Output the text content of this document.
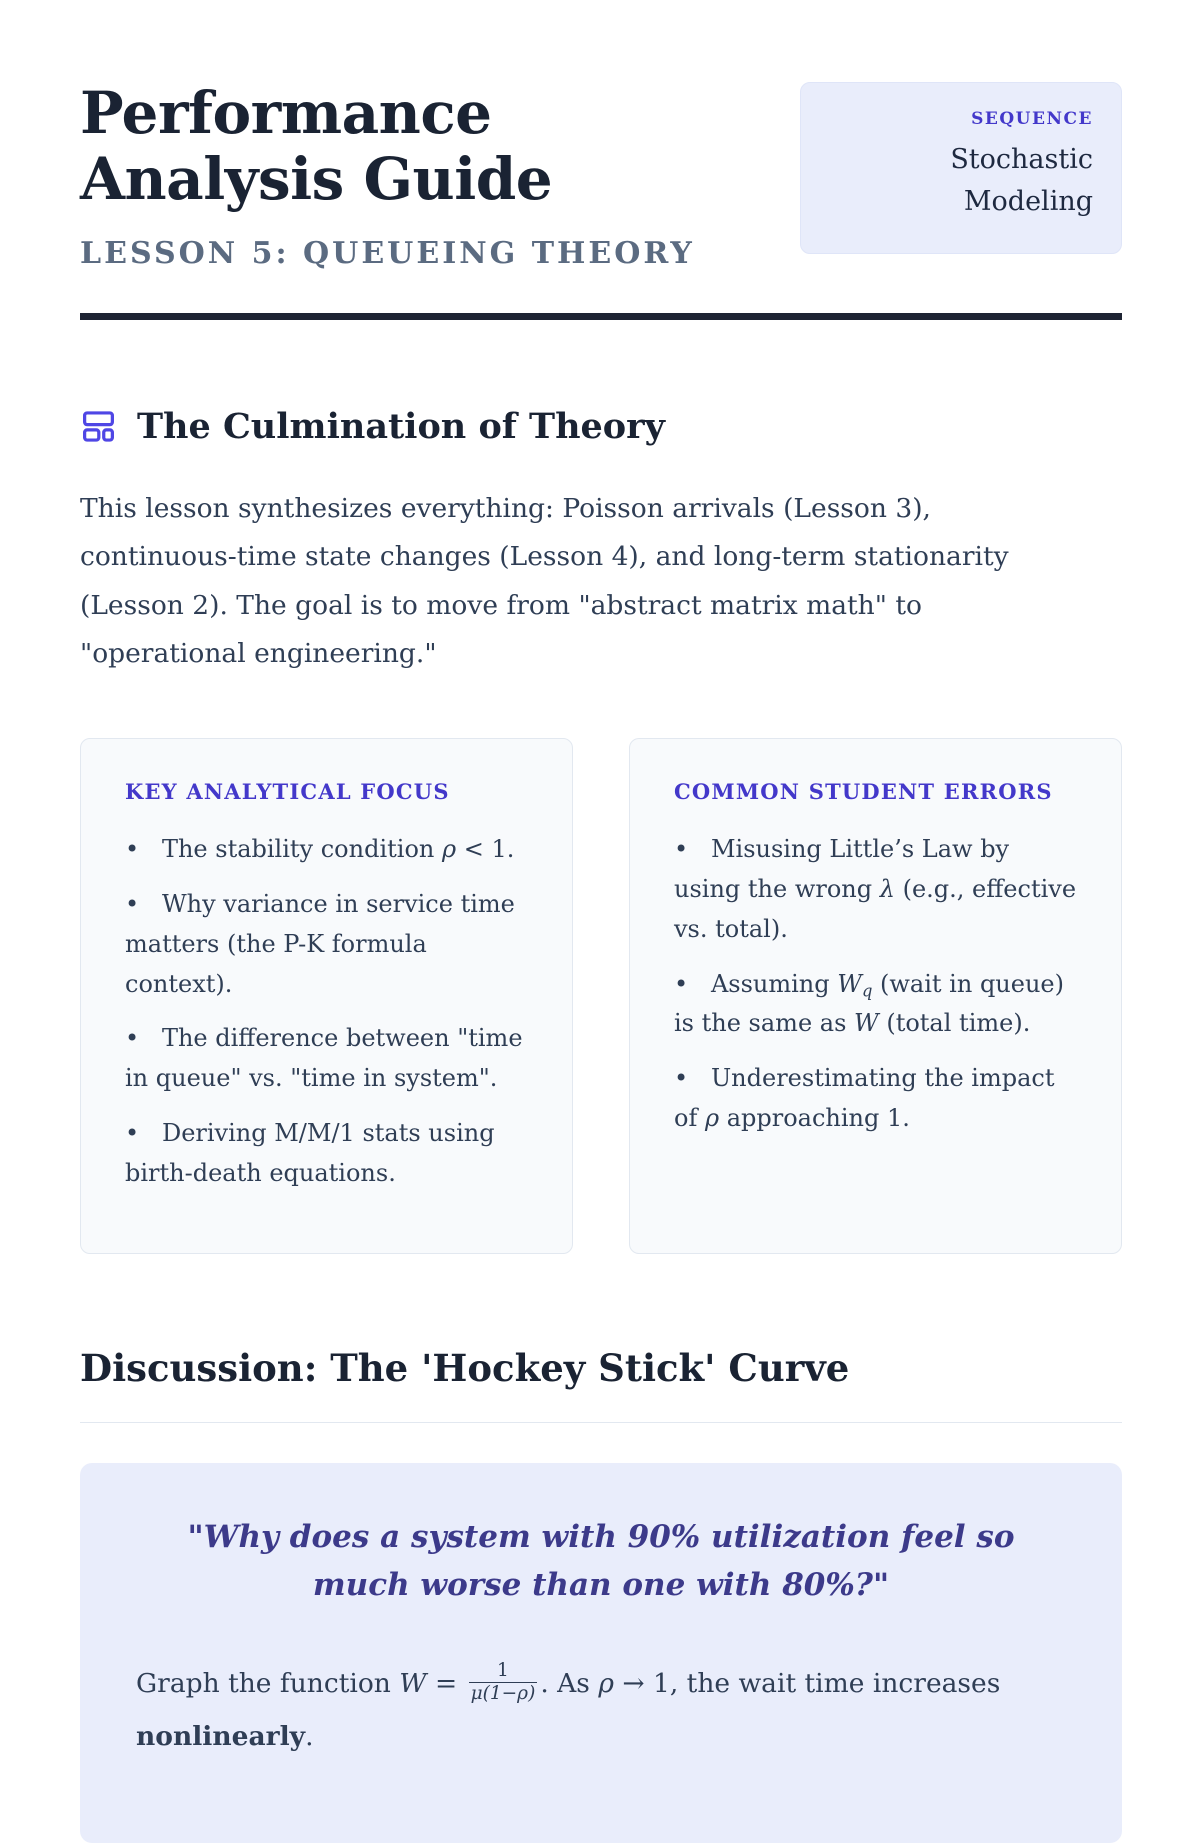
Performance Analysis Guide
LESSON 5: QUEUEING THEORY
SEQUENCE
Stochastic Modeling
The Culmination of Theory
This lesson synthesizes everything: Poisson arrivals (Lesson 3), continuous-time state changes (Lesson 4), and long-term stationarity (Lesson 2). The goal is to move from "abstract matrix math" to "operational engineering."
KEY ANALYTICAL FOCUS
• The stability condition ρ < 1.
• Why variance in service time matters (the P-K formula context).
• The difference between "time in queue" vs. "time in system".
• Deriving M/M/1 stats using birth-death equations.
COMMON STUDENT ERRORS
• Misusing Little’s Law by using the wrong λ (e.g., effective vs. total).
• Assuming $W_q$ (wait in queue) is the same as W (total time).
• Underestimating the impact of ρ approaching 1.
Discussion: The 'Hockey Stick' Curve
"Why does a system with 90% utilization feel so much worse than one with 80%?"
Graph the function $W = \frac{1}{\mu(1-\rho)}$ . As ρ → 1, the wait time increases nonlinearly.
